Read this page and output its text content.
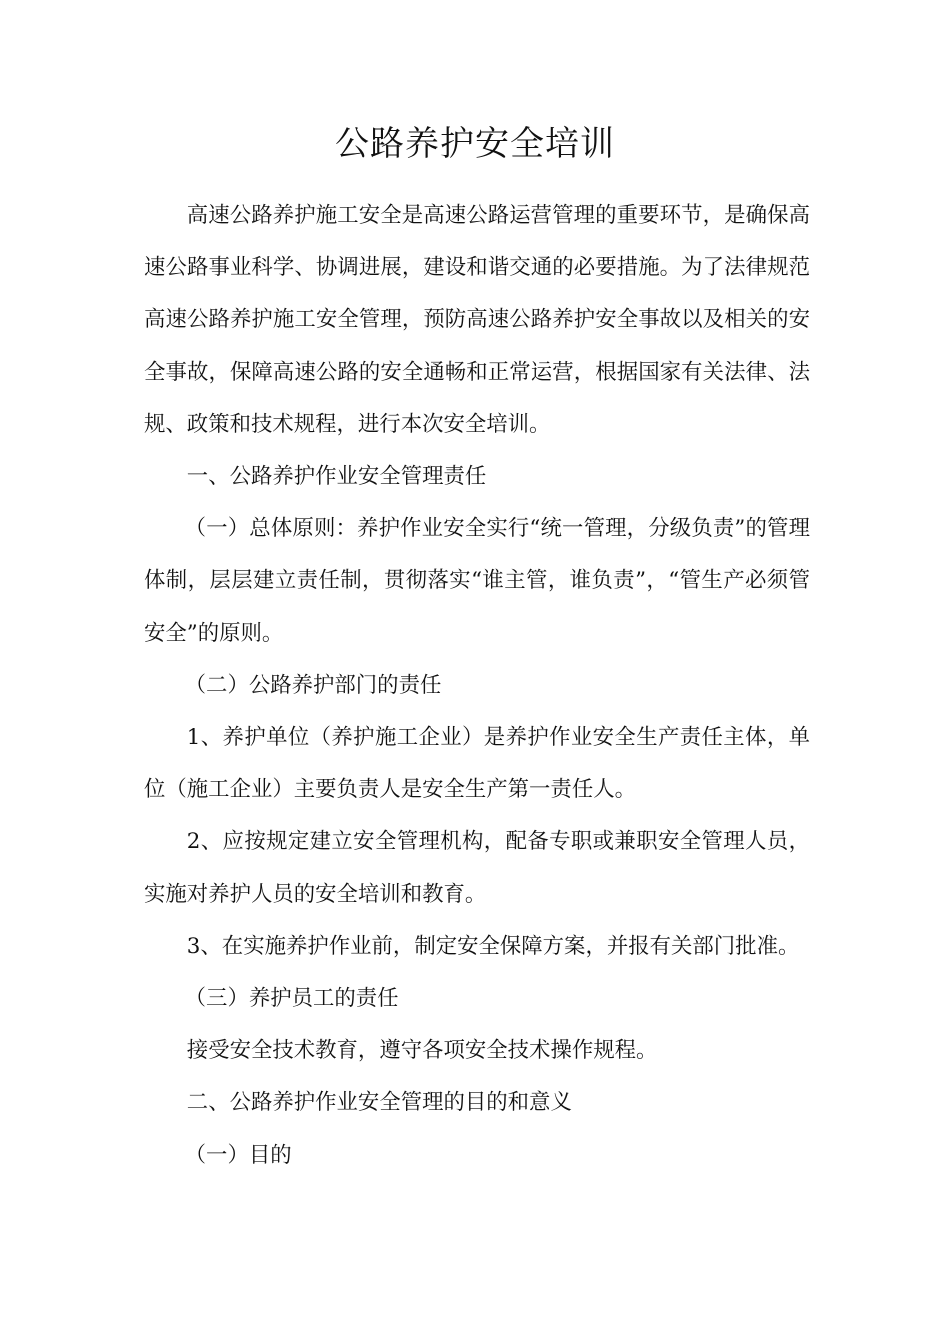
公路养护安全培训

高速公路养护施工安全是高速公路运营管理的重要环节，是确保高速公路事业科学、协调进展，建设和谐交通的必要措施。为了法律规范高速公路养护施工安全管理，预防高速公路养护安全事故以及相关的安全事故，保障高速公路的安全通畅和正常运营，根据国家有关法律、法规、政策和技术规程，进行本次安全培训。

一、公路养护作业安全管理责任

（一）总体原则：养护作业安全实行“统一管理，分级负责”的管理体制，层层建立责任制，贯彻落实“谁主管，谁负责”，“管生产必须管安全”的原则。

（二）公路养护部门的责任

1、养护单位（养护施工企业）是养护作业安全生产责任主体，单位（施工企业）主要负责人是安全生产第一责任人。

2、应按规定建立安全管理机构，配备专职或兼职安全管理人员，实施对养护人员的安全培训和教育。

3、在实施养护作业前，制定安全保障方案，并报有关部门批准。

（三）养护员工的责任

接受安全技术教育，遵守各项安全技术操作规程。

二、公路养护作业安全管理的目的和意义

（一）目的
